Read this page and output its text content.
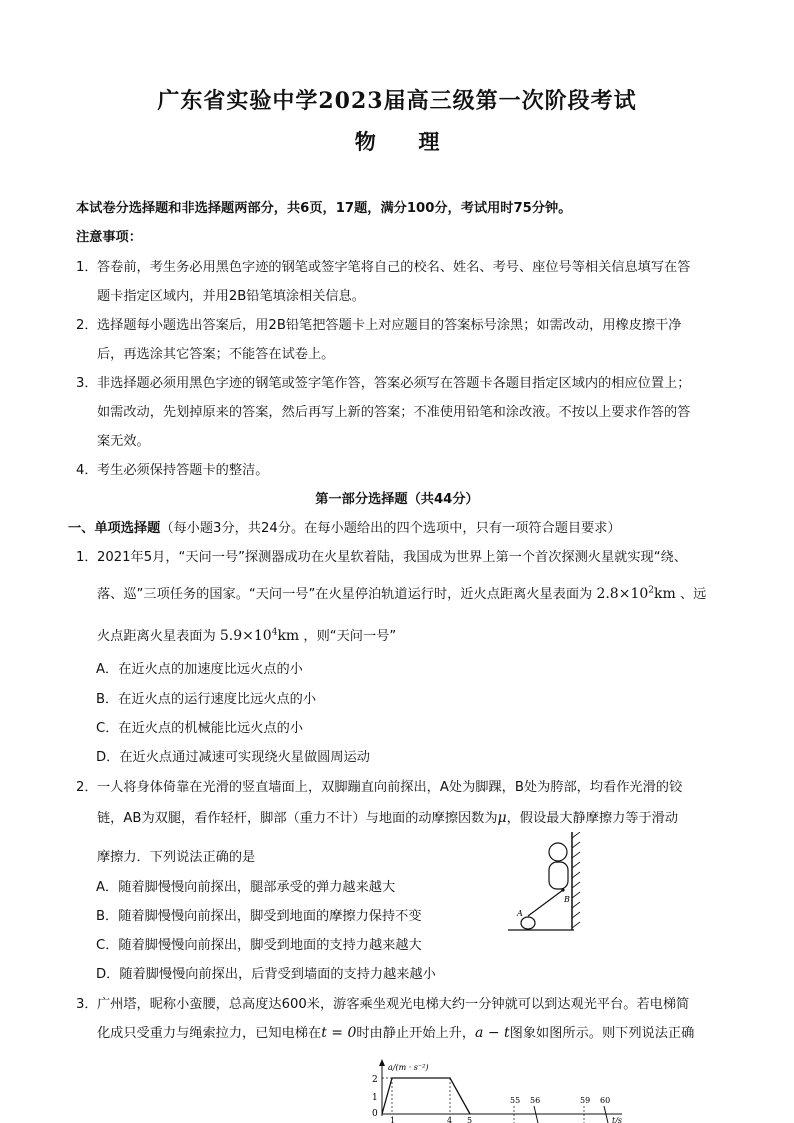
广东省实验中学2023届高三级第一次阶段考试
物 理
本试卷分选择题和非选择题两部分，共6页，17题，满分100分，考试用时75分钟。
注意事项：
1．答卷前，考生务必用黑色字迹的钢笔或签字笔将自己的校名、姓名、考号、座位号等相关信息填写在答
题卡指定区域内，并用2B铅笔填涂相关信息。
2．选择题每小题选出答案后，用2B铅笔把答题卡上对应题目的答案标号涂黑；如需改动，用橡皮擦干净
后，再选涂其它答案；不能答在试卷上。
3．非选择题必须用黑色字迹的钢笔或签字笔作答，答案必须写在答题卡各题目指定区域内的相应位置上；
如需改动，先划掉原来的答案，然后再写上新的答案；不准使用铅笔和涂改液。不按以上要求作答的答
案无效。
4．考生必须保持答题卡的整洁。
第一部分选择题（共44分）
一、单项选择题（每小题3分，共24分。在每小题给出的四个选项中，只有一项符合题目要求）
1．2021年5月，“天问一号”探测器成功在火星软着陆，我国成为世界上第一个首次探测火星就实现“绕、
落、巡”三项任务的国家。“天问一号”在火星停泊轨道运行时，近火点距离火星表面为 $2.8\times 10^2km$ 、远
火点距离火星表面为 $5.9\times 10^4km$ ，则“天问一号”
A．在近火点的加速度比远火点的小
B．在近火点的运行速度比远火点的小
C．在近火点的机械能比远火点的小
D．在近火点通过减速可实现绕火星做圆周运动
2．一人将身体倚靠在光滑的竖直墙面上，双脚蹦直向前探出，A处为脚踝，B处为胯部，均看作光滑的铰
链，AB为双腿，看作轻杆，脚部（重力不计）与地面的动摩擦因数为μ，假设最大静摩擦力等于滑动
摩擦力．下列说法正确的是
A．随着脚慢慢向前探出，腿部承受的弹力越来越大
B．随着脚慢慢向前探出，脚受到地面的摩擦力保持不变
C．随着脚慢慢向前探出，脚受到地面的支持力越来越大
D．随着脚慢慢向前探出，后背受到墙面的支持力越来越小
B
A
3．广州塔，昵称小蛮腰，总高度达600米，游客乘坐观光电梯大约一分钟就可以到达观光平台。若电梯简
化成只受重力与绳索拉力，已知电梯在t = 0时由静止开始上升，a − t图象如图所示。则下列说法正确
a/(m · s⁻²)
t/s
2
1
0
1	4 5
55 56	59 60
